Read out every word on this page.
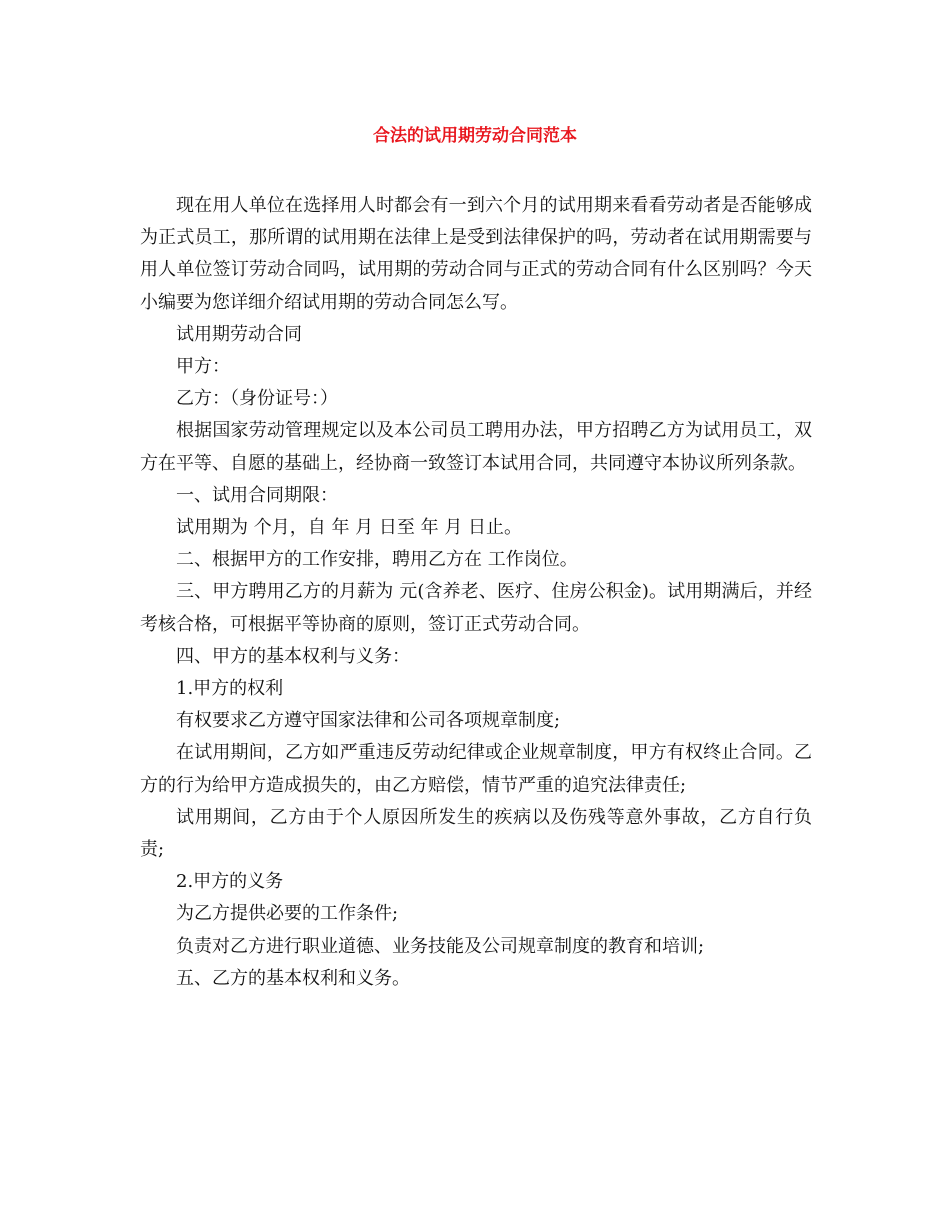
合法的试用期劳动合同范本

现在用人单位在选择用人时都会有一到六个月的试用期来看看劳动者是否能够成为正式员工，那所谓的试用期在法律上是受到法律保护的吗，劳动者在试用期需要与用人单位签订劳动合同吗，试用期的劳动合同与正式的劳动合同有什么区别吗？今天小编要为您详细介绍试用期的劳动合同怎么写。

试用期劳动合同

甲方：

乙方：（身份证号：）

根据国家劳动管理规定以及本公司员工聘用办法，甲方招聘乙方为试用员工，双方在平等、自愿的基础上，经协商一致签订本试用合同，共同遵守本协议所列条款。

一、试用合同期限：

试用期为 个月，自 年 月 日至 年 月 日止。

二、根据甲方的工作安排，聘用乙方在 工作岗位。

三、甲方聘用乙方的月薪为 元(含养老、医疗、住房公积金)。试用期满后，并经考核合格，可根据平等协商的原则，签订正式劳动合同。

四、甲方的基本权利与义务：

1.甲方的权利

有权要求乙方遵守国家法律和公司各项规章制度;

在试用期间，乙方如严重违反劳动纪律或企业规章制度，甲方有权终止合同。乙方的行为给甲方造成损失的，由乙方赔偿，情节严重的追究法律责任;

试用期间，乙方由于个人原因所发生的疾病以及伤残等意外事故，乙方自行负责;

2.甲方的义务

为乙方提供必要的工作条件;

负责对乙方进行职业道德、业务技能及公司规章制度的教育和培训;

五、乙方的基本权利和义务。
